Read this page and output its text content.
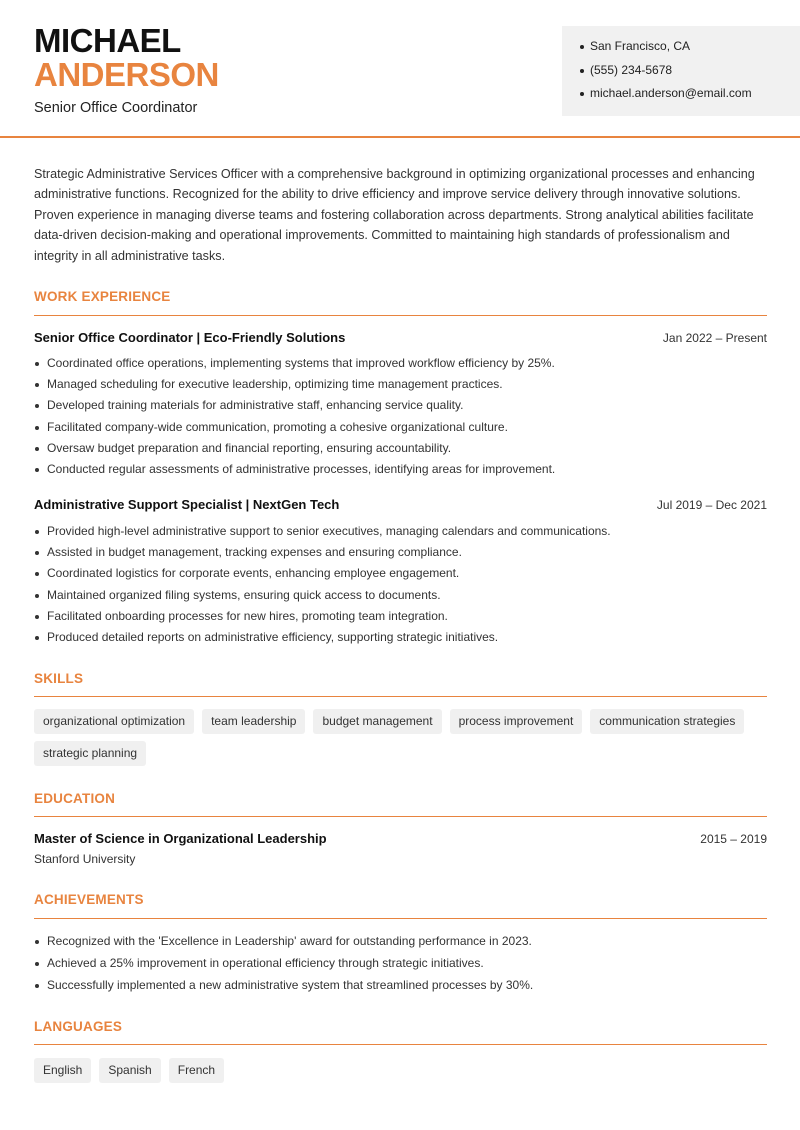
MICHAEL
ANDERSON
Senior Office Coordinator
San Francisco, CA
(555) 234-5678
michael.anderson@email.com

Strategic Administrative Services Officer with a comprehensive background in optimizing organizational processes and enhancing administrative functions. Recognized for the ability to drive efficiency and improve service delivery through innovative solutions. Proven experience in managing diverse teams and fostering collaboration across departments. Strong analytical abilities facilitate data-driven decision-making and operational improvements. Committed to maintaining high standards of professionalism and integrity in all administrative tasks.

WORK EXPERIENCE
Senior Office Coordinator | Eco-Friendly Solutions	Jan 2022 – Present
Coordinated office operations, implementing systems that improved workflow efficiency by 25%.
Managed scheduling for executive leadership, optimizing time management practices.
Developed training materials for administrative staff, enhancing service quality.
Facilitated company-wide communication, promoting a cohesive organizational culture.
Oversaw budget preparation and financial reporting, ensuring accountability.
Conducted regular assessments of administrative processes, identifying areas for improvement.
Administrative Support Specialist | NextGen Tech	Jul 2019 – Dec 2021
Provided high-level administrative support to senior executives, managing calendars and communications.
Assisted in budget management, tracking expenses and ensuring compliance.
Coordinated logistics for corporate events, enhancing employee engagement.
Maintained organized filing systems, ensuring quick access to documents.
Facilitated onboarding processes for new hires, promoting team integration.
Produced detailed reports on administrative efficiency, supporting strategic initiatives.
SKILLS
organizational optimization	team leadership	budget management	process improvement	communication strategies
strategic planning
EDUCATION
Master of Science in Organizational Leadership	2015 – 2019
Stanford University
ACHIEVEMENTS
Recognized with the 'Excellence in Leadership' award for outstanding performance in 2023.
Achieved a 25% improvement in operational efficiency through strategic initiatives.
Successfully implemented a new administrative system that streamlined processes by 30%.
LANGUAGES
English	Spanish	French
